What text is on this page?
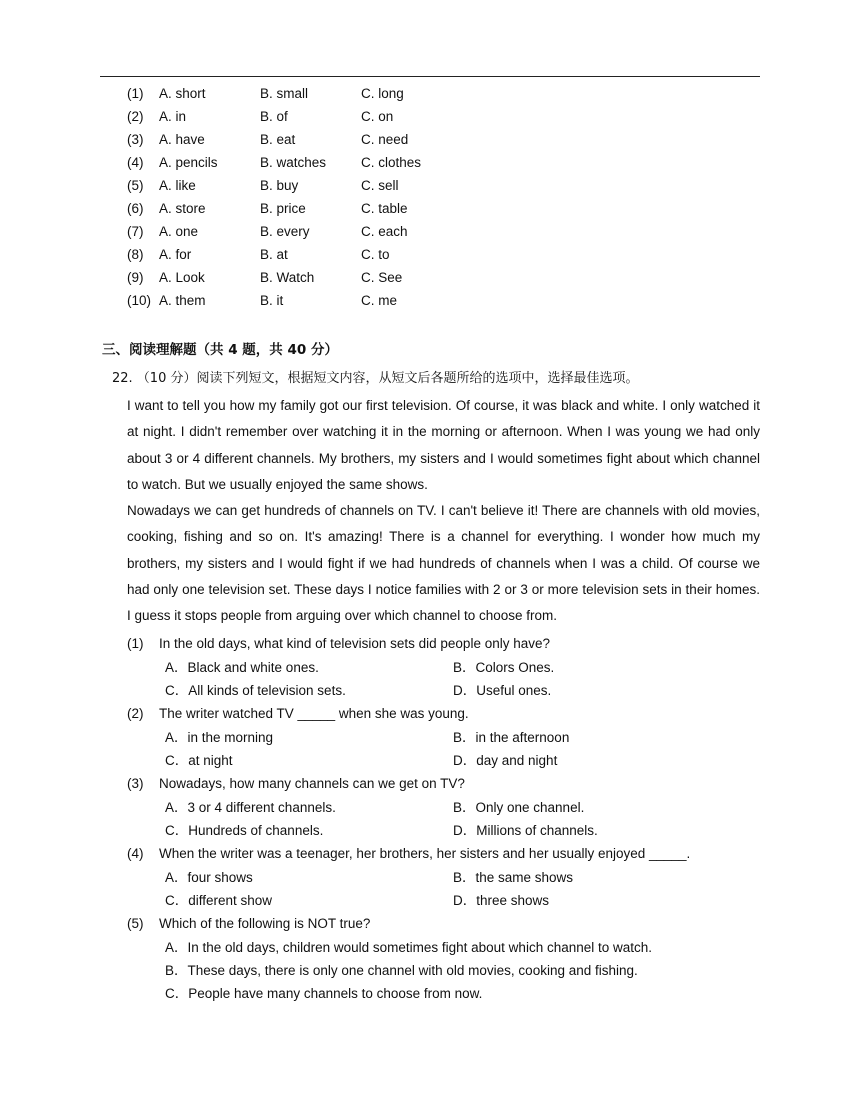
(1) A. short	B. small	C. long
(2) A. in	B. of	C. on
(3) A. have	B. eat	C. need
(4) A. pencils	B. watches	C. clothes
(5) A. like	B. buy	C. sell
(6) A. store	B. price	C. table
(7) A. one	B. every	C. each
(8) A. for	B. at	C. to
(9) A. Look	B. Watch	C. See
(10) A. them	B. it	C. me
三、阅读理解题（共 4 题，共 40 分）
22. （10 分）阅读下列短文，根据短文内容，从短文后各题所给的选项中，选择最佳选项。

I want to tell you how my family got our first television. Of course, it was black and white. I only watched it at night. I didn't remember over watching it in the morning or afternoon. When I was young we had only about 3 or 4 different channels. My brothers, my sisters and I would sometimes fight about which channel to watch. But we usually enjoyed the same shows.

Nowadays we can get hundreds of channels on TV. I can't believe it! There are channels with old movies, cooking, fishing and so on. It's amazing! There is a channel for everything. I wonder how much my brothers, my sisters and I would fight if we had hundreds of channels when I was a child. Of course we had only one television set. These days I notice families with 2 or 3 or more television sets in their homes. I guess it stops people from arguing over which channel to choose from.

(1) In the old days, what kind of television sets did people only have?
A．Black and white ones.	B．Colors Ones.
C．All kinds of television sets.	D．Useful ones.
(2) The writer watched TV _____ when she was young.
A．in the morning	B．in the afternoon
C．at night	D．day and night
(3) Nowadays, how many channels can we get on TV?
A．3 or 4 different channels.	B．Only one channel.
C．Hundreds of channels.	D．Millions of channels.
(4) When the writer was a teenager, her brothers, her sisters and her usually enjoyed _____.
A．four shows	B．the same shows
C．different show	D．three shows
(5) Which of the following is NOT true?
A．In the old days, children would sometimes fight about which channel to watch.
B．These days, there is only one channel with old movies, cooking and fishing.
C．People have many channels to choose from now.
